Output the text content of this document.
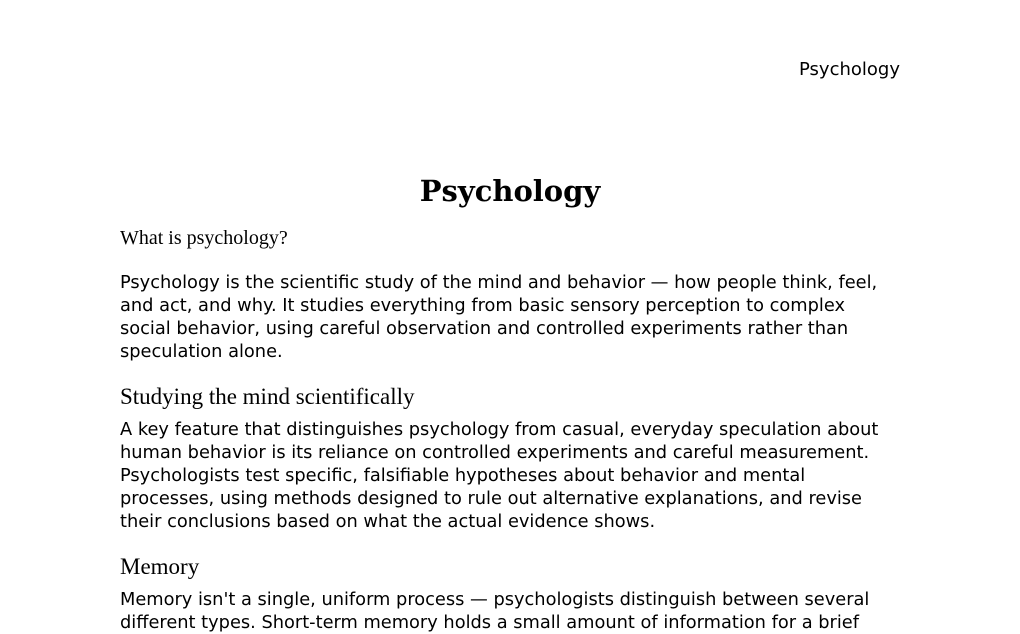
Psychology

Psychology

What is psychology?

Psychology is the scientific study of the mind and behavior — how people think, feel, and act, and why. It studies everything from basic sensory perception to complex social behavior, using careful observation and controlled experiments rather than speculation alone.

Studying the mind scientifically

A key feature that distinguishes psychology from casual, everyday speculation about human behavior is its reliance on controlled experiments and careful measurement. Psychologists test specific, falsifiable hypotheses about behavior and mental processes, using methods designed to rule out alternative explanations, and revise their conclusions based on what the actual evidence shows.

Memory

Memory isn't a single, uniform process — psychologists distinguish between several different types. Short-term memory holds a small amount of information for a brief
